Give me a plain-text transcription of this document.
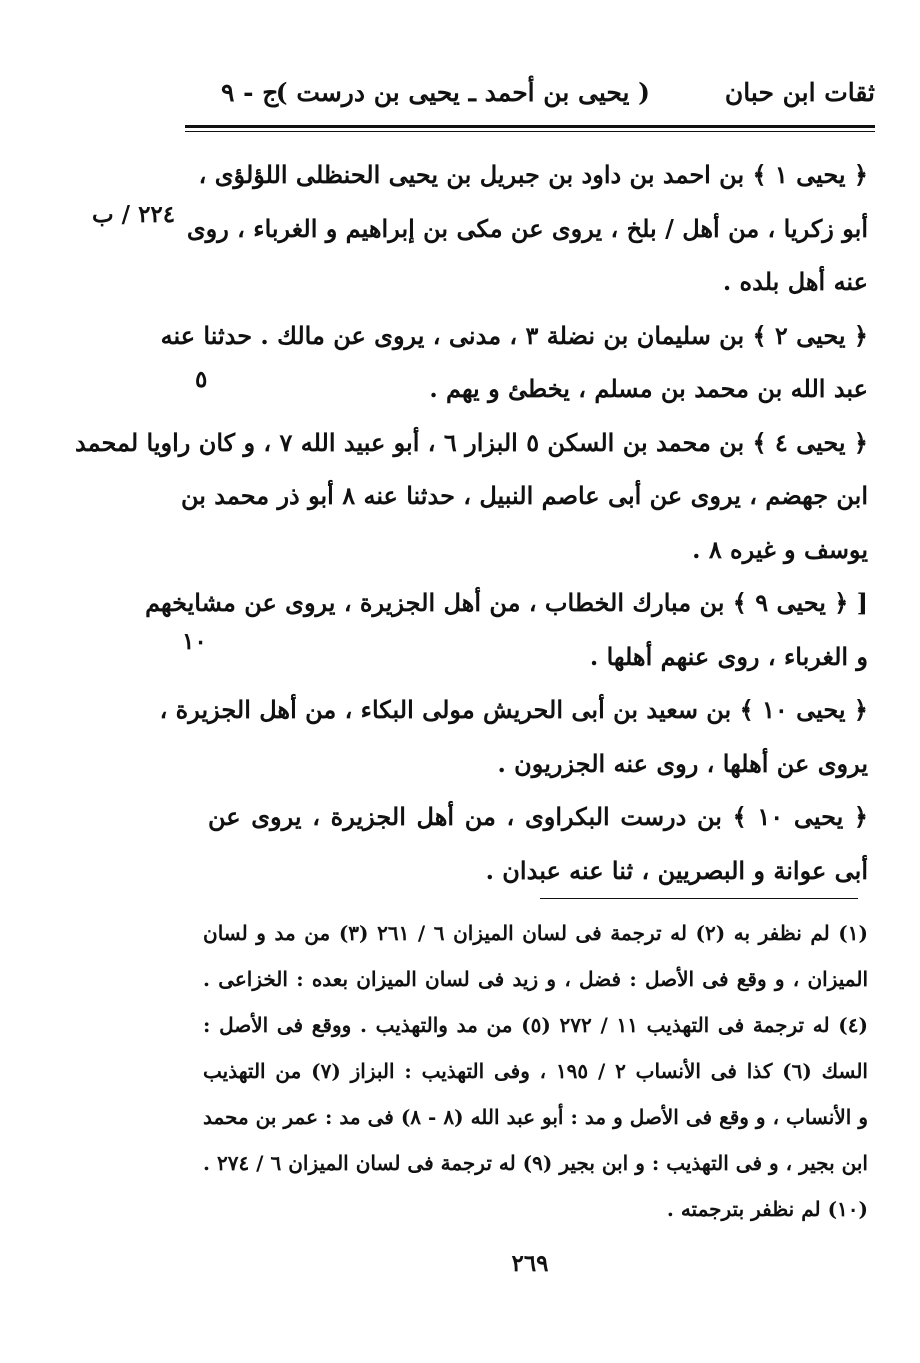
ثقات ابن حبان
( يحيى بن أحمد ـ يحيى بن درست )
ج - ٩
٢٢٤ / ب
٥
١٠
﴿ يحيى ١ ﴾ بن احمد بن داود بن جبريل بن يحيى الحنظلى اللؤلؤى ،
أبو زكريا ، من أهل / بلخ ، يروى عن مكى بن إبراهيم و الغرباء ، روى
عنه أهل بلده .
﴿ يحيى ٢ ﴾ بن سليمان بن نضلة ٣ ، مدنى ، يروى عن مالك . حدثنا عنه
عبد الله بن محمد بن مسلم ، يخطئ و يهم .
﴿ يحيى ٤ ﴾ بن محمد بن السكن ٥ البزار ٦ ، أبو عبيد الله ٧ ، و كان راويا لمحمد
ابن جهضم ، يروى عن أبى عاصم النبيل ، حدثنا عنه ٨ أبو ذر محمد بن
يوسف و غيره ٨ .
[ ﴿ يحيى ٩ ﴾ بن مبارك الخطاب ، من أهل الجزيرة ، يروى عن مشايخهم
و الغرباء ، روى عنهم أهلها .
﴿ يحيى ١٠ ﴾ بن سعيد بن أبى الحريش مولى البكاء ، من أهل الجزيرة ،
يروى عن أهلها ، روى عنه الجزريون .
﴿ يحيى ١٠ ﴾ بن درست البكراوى ، من أهل الجزيرة ، يروى عن
أبى عوانة و البصريين ، ثنا عنه عبدان .
(١) لم نظفر به (٢) له ترجمة فى لسان الميزان ٦ / ٢٦١ (٣) من مد و لسان
الميزان ، و وقع فى الأصل : فضل ، و زيد فى لسان الميزان بعده : الخزاعى .
(٤) له ترجمة فى التهذيب ١١ / ٢٧٢ (٥) من مد والتهذيب . ووقع فى الأصل :
السك (٦) كذا فى الأنساب ٢ / ١٩٥ ، وفى التهذيب : البزاز (٧) من التهذيب
و الأنساب ، و وقع فى الأصل و مد : أبو عبد الله (٨ - ٨) فى مد : عمر بن محمد
ابن بجير ، و فى التهذيب : و ابن بجير (٩) له ترجمة فى لسان الميزان ٦ / ٢٧٤ .
(١٠) لم نظفر بترجمته .
٢٦٩
